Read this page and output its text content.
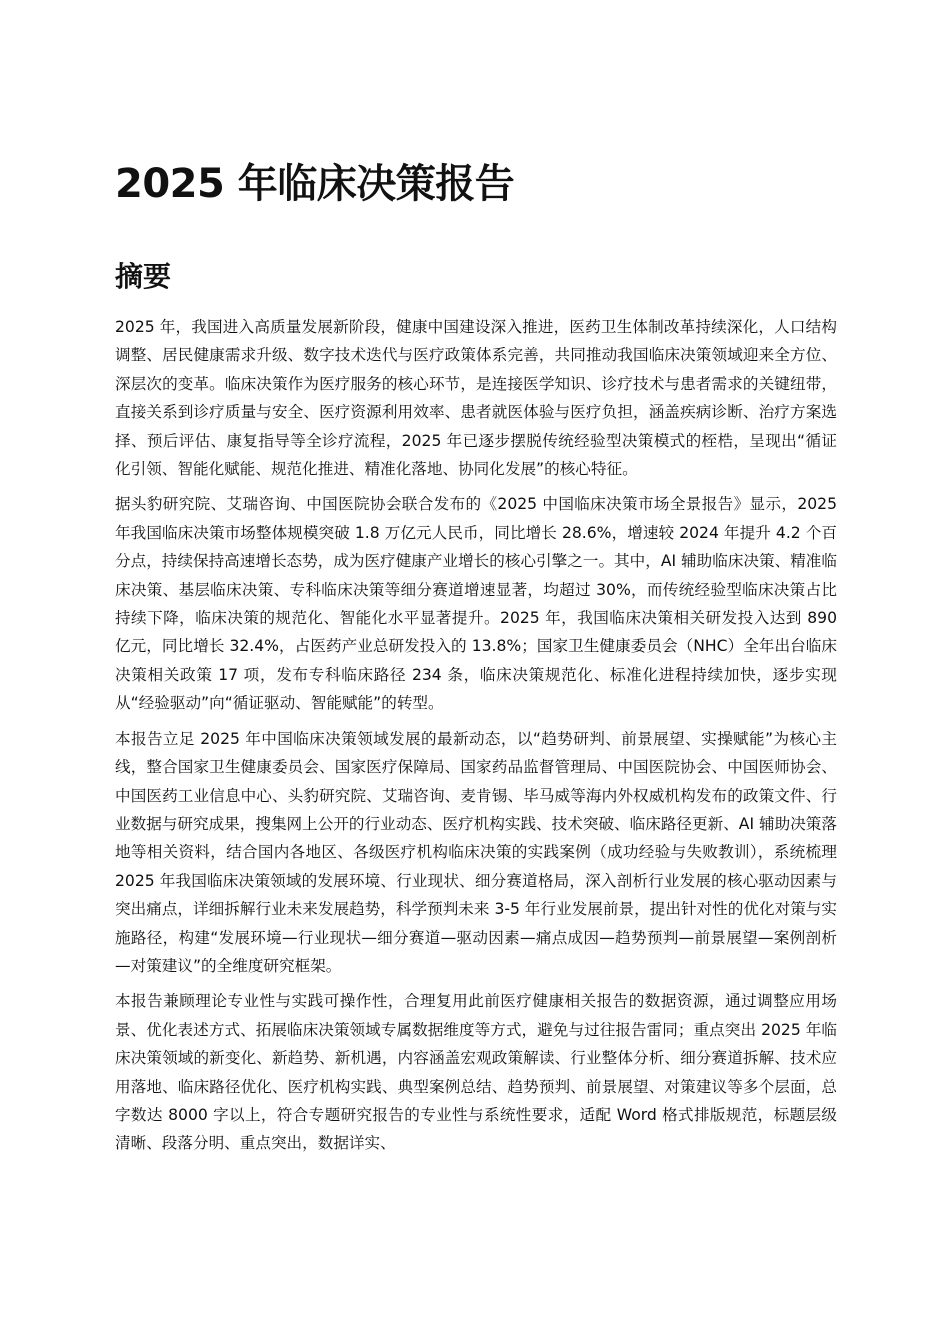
2025 年临床决策报告
摘要

2025 年，我国进入高质量发展新阶段，健康中国建设深入推进，医药卫生体制改革持续深化，人口结构调整、居民健康需求升级、数字技术迭代与医疗政策体系完善，共同推动我国临床决策领域迎来全方位、深层次的变革。临床决策作为医疗服务的核心环节，是连接医学知识、诊疗技术与患者需求的关键纽带，直接关系到诊疗质量与安全、医疗资源利用效率、患者就医体验与医疗负担，涵盖疾病诊断、治疗方案选择、预后评估、康复指导等全诊疗流程，2025 年已逐步摆脱传统经验型决策模式的桎梏，呈现出“循证化引领、智能化赋能、规范化推进、精准化落地、协同化发展”的核心特征。

据头豹研究院、艾瑞咨询、中国医院协会联合发布的《2025 中国临床决策市场全景报告》显示，2025 年我国临床决策市场整体规模突破 1.8 万亿元人民币，同比增长 28.6%，增速较 2024 年提升 4.2 个百分点，持续保持高速增长态势，成为医疗健康产业增长的核心引擎之一。其中，AI 辅助临床决策、精准临床决策、基层临床决策、专科临床决策等细分赛道增速显著，均超过 30%，而传统经验型临床决策占比持续下降，临床决策的规范化、智能化水平显著提升。2025 年，我国临床决策相关研发投入达到 890 亿元，同比增长 32.4%，占医药产业总研发投入的 13.8%；国家卫生健康委员会（NHC）全年出台临床决策相关政策 17 项，发布专科临床路径 234 条，临床决策规范化、标准化进程持续加快，逐步实现从“经验驱动”向“循证驱动、智能赋能”的转型。

本报告立足 2025 年中国临床决策领域发展的最新动态，以“趋势研判、前景展望、实操赋能”为核心主线，整合国家卫生健康委员会、国家医疗保障局、国家药品监督管理局、中国医院协会、中国医师协会、中国医药工业信息中心、头豹研究院、艾瑞咨询、麦肯锡、毕马威等海内外权威机构发布的政策文件、行业数据与研究成果，搜集网上公开的行业动态、医疗机构实践、技术突破、临床路径更新、AI 辅助决策落地等相关资料，结合国内各地区、各级医疗机构临床决策的实践案例（成功经验与失败教训），系统梳理 2025 年我国临床决策领域的发展环境、行业现状、细分赛道格局，深入剖析行业发展的核心驱动因素与突出痛点，详细拆解行业未来发展趋势，科学预判未来 3-5 年行业发展前景，提出针对性的优化对策与实施路径，构建“发展环境—行业现状—细分赛道—驱动因素—痛点成因—趋势预判—前景展望—案例剖析—对策建议”的全维度研究框架。

本报告兼顾理论专业性与实践可操作性，合理复用此前医疗健康相关报告的数据资源，通过调整应用场景、优化表述方式、拓展临床决策领域专属数据维度等方式，避免与过往报告雷同；重点突出 2025 年临床决策领域的新变化、新趋势、新机遇，内容涵盖宏观政策解读、行业整体分析、细分赛道拆解、技术应用落地、临床路径优化、医疗机构实践、典型案例总结、趋势预判、前景展望、对策建议等多个层面，总字数达 8000 字以上，符合专题研究报告的专业性与系统性要求，适配 Word 格式排版规范，标题层级清晰、段落分明、重点突出，数据详实、
